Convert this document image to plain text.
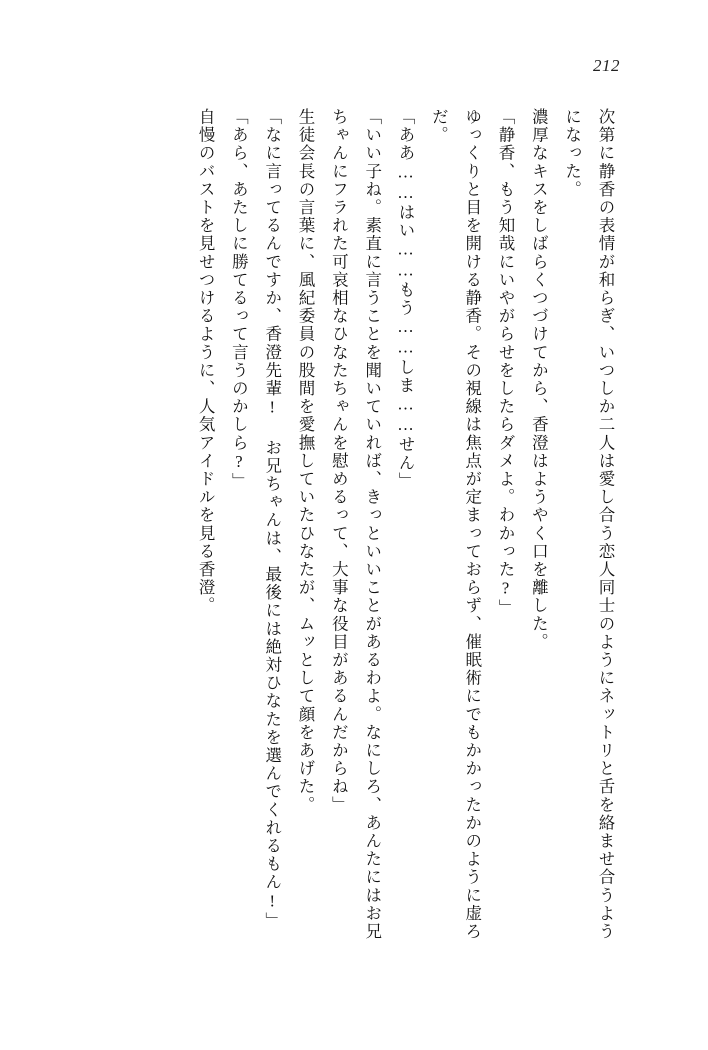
212

次第に静香の表情が和らぎ、いつしか二人は愛し合う恋人同士のようにネットリと舌を絡ませ合うようになった。

濃厚なキスをしばらくつづけてから、香澄はようやく口を離した。

「静香、もう知哉にいやがらせをしたらダメよ。わかった?」

ゆっくりと目を開ける静香。その視線は焦点が定まっておらず、催眠術にでもかかったかのように虚ろだ。

「ああ……はい……もう……しま……せん」

「いい子ね。素直に言うことを聞いていれば、きっといいことがあるわよ。なにしろ、あんたにはお兄ちゃんにフラれた可哀相なひなたちゃんを慰めるって、大事な役目があるんだからね」

生徒会長の言葉に、風紀委員の股間を愛撫していたひなたが、ムッとして顔をあげた。

「なに言ってるんですか、香澄先輩! お兄ちゃんは、最後には絶対ひなたを選んでくれるもん!」

「あら、あたしに勝てるって言うのかしら?」

自慢のバストを見せつけるように、人気アイドルを見る香澄。
